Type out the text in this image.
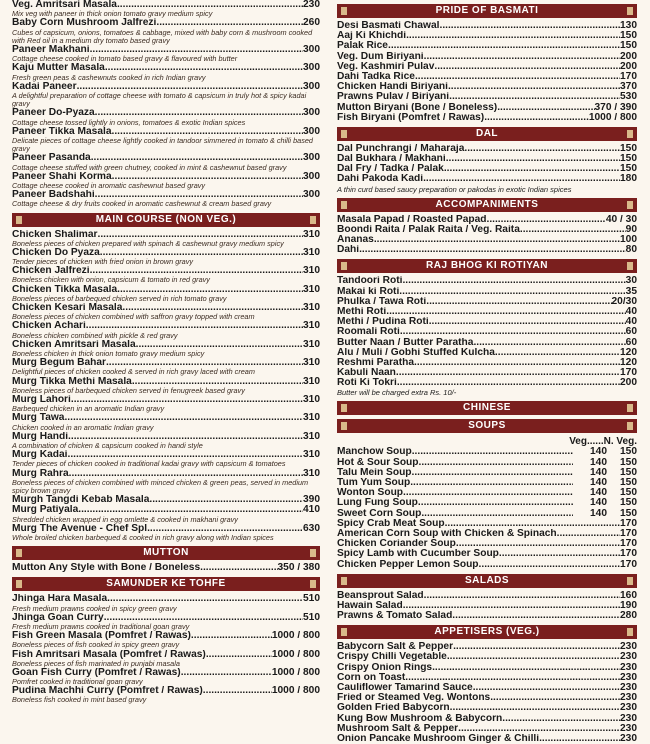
Veg. Amritsari Masala .....	230
Mix veg with paneer in thick onion tomato gravy medium spicy
Baby Corn Mushroom Jalfrezi .....	260
Cubes of capsicum, onions, tomatoes & cabbage, mixed with baby corn & mushroom cooked with Red oil in a medium dry tomato based gravy
Paneer Makhani .....	300
Cottage cheese cooked in tomato based gravy & flavoured with butter
Kaju Mutter Masala .....	300
Fresh green peas & cashewnuts cooked in rich Indian gravy
Kadai Paneer .....	300
A delightful preparation of cottage cheese with tomato & capsicum in truly hot & spicy kadai gravy
Paneer Do-Pyaza .....	300
Cottage cheese tossed lightly in onions, tomatoes & exotic Indian spices
Paneer Tikka Masala .....	300
Delicate pieces of cottage cheese lightly cooked in tandoor simmered in tomato & chilli based gravy
Paneer Pasanda .....	300
Cottage cheese stuffed with green chutney, cooked in mint & cashewnut based gravy
Paneer Shahi Korma .....	300
Cottage cheese cooked in aromatic cashewnut based gravy
Paneer Badshahi .....	300
Cottage cheese & dry fruits cooked in aromatic cashewnut & cream based gravy
MAIN COURSE (NON VEG.)
Chicken Shalimar .....	310
Boneless pieces of chicken prepared with spinach & cashewnut gravy medium spicy
Chicken Do Pyaza .....	310
Tender pieces of chicken with fried onion in brown gravy
Chicken Jalfrezi .....	310
Boneless chicken with onion, capsicum & tomato in red gravy
Chicken Tikka Masala .....	310
Boneless pieces of barbequed chicken served in rich tomato gravy
Chicken Kesari Masala .....	310
Boneless pieces of chicken combined with saffron gravy topped with cream
Chicken Achari .....	310
Boneless chicken combined with pickle & red gravy
Chicken Amritsari Masala .....	310
Boneless chicken in thick onion tomato gravy medium spicy
Murg Begum Bahar .....	310
Delightful pieces of chicken cooked & served in rich gravy laced with cream
Murg Tikka Methi Masala .....	310
Boneless pieces of barbequed chicken served in fenugreek based gravy
Murg Lahori .....	310
Barbequed chicken in an aromatic Indian gravy
Murg Tawa .....	310
Chicken cooked in an aromatic Indian gravy
Murg Handi .....	310
A combination of chicken & capsicum cooked in handi style
Murg Kadai .....	310
Tender pieces of chicken cooked in traditional kadai gravy with capsicum & tomatoes
Murg Rahra .....	310
Boneless pieces of chicken combined with minced chicken & green peas, served in medium spicy brown gravy
Murgh Tangdi Kebab Masala .....	390
Murg Patiyala .....	410
Shredded chicken wrapped in egg omlette & cooked in makhani gravy
Murg The Avenue - Chef Spl. .....	630
Whole broiled chicken barbequed & cooked in rich gravy along with Indian spices
MUTTON
Mutton Any Style with Bone / Boneless .....	350 / 380
SAMUNDER KE TOHFE
Jhinga Hara Masala .....	510
Fresh medium prawns cooked in spicy green gravy
Jhinga Goan Curry .....	510
Fresh medium prawns cooked in traditional goan gravy
Fish Green Masala (Pomfret / Rawas) .....	1000 / 800
Boneless pieces of fish cooked in spicy green gravy
Fish Amritsari Masala (Pomfret / Rawas) .....	1000 / 800
Boneless pieces of fish marinated in punjabi masala
Goan Fish Curry (Pomfret / Rawas) .....	1000 / 800
Pomfret cooked in traditional goan gravy
Pudina Machhi Curry (Pomfret / Rawas) .....	1000 / 800
Boneless fish cooked in mint based gravy
PRIDE OF BASMATI
Desi Basmati Chawal .....	130
Aaj Ki Khichdi .....	150
Palak Rice .....	150
Veg. Dum Biriyani .....	200
Veg. Kashmiri Pulav .....	200
Dahi Tadka Rice .....	170
Chicken Handi Biriyani .....	370
Prawns Pulav / Biriyani .....	530
Mutton Biryani (Bone / Boneless) .....	370 / 390
Fish Biryani (Pomfret / Rawas) .....	1000 / 800
DAL
Dal Punchrangi / Maharaja .....	150
Dal Bukhara / Makhani .....	150
Dal Fry / Tadka / Palak .....	150
Dahi Pakoda Kadi .....	180
A thin curd based saucy preparation or pakodas in exotic Indian spices
ACCOMPANIMENTS
Masala Papad / Roasted Papad .....	40 / 30
Boondi Raita / Palak Raita / Veg. Raita .....	90
Ananas .....	100
Dahi .....	80
RAJ BHOG KI ROTIYAN
Tandoori Roti .....	30
Makai ki Roti .....	35
Phulka / Tawa Roti .....	20/30
Methi Roti .....	40
Methi / Pudina Roti .....	40
Roomali Roti .....	60
Butter Naan / Butter Paratha .....	60
Alu / Muli / Gobhi Stuffed Kulcha .....	120
Reshmi Paratha .....	120
Kabuli Naan .....	170
Roti Ki Tokri .....	200
Butter will be charged extra Rs. 10/-
CHINESE
SOUPS
Veg......N. Veg.
Manchow Soup .....	140	150
Hot & Sour Soup .....	140	150
Talu Mein Soup .....	140	150
Tum Yum Soup .....	140	150
Wonton Soup .....	140	150
Lung Fung Soup .....	140	150
Sweet Corn Soup .....	140	150
Spicy Crab Meat Soup .....	170
American Corn Soup with Chicken & Spinach .....	170
Chicken Coriander Soup .....	170
Spicy Lamb with Cucumber Soup .....	170
Chicken Pepper Lemon Soup .....	170
SALADS
Beansprout Salad .....	160
Hawain Salad .....	190
Prawns & Tomato Salad .....	280
APPETISERS (VEG.)
Babycorn Salt & Pepper .....	230
Crispy Chilli Vegetable .....	230
Crispy Onion Rings .....	230
Corn on Toast .....	230
Cauliflower Tamarind Sauce .....	230
Fried or Steamed Veg. Wontons .....	230
Golden Fried Babycorn .....	230
Kung Bow Mushroom & Babycorn .....	230
Mushroom Salt & Pepper .....	230
Onion Pancake Mushroom Ginger & Chilli .....	230
